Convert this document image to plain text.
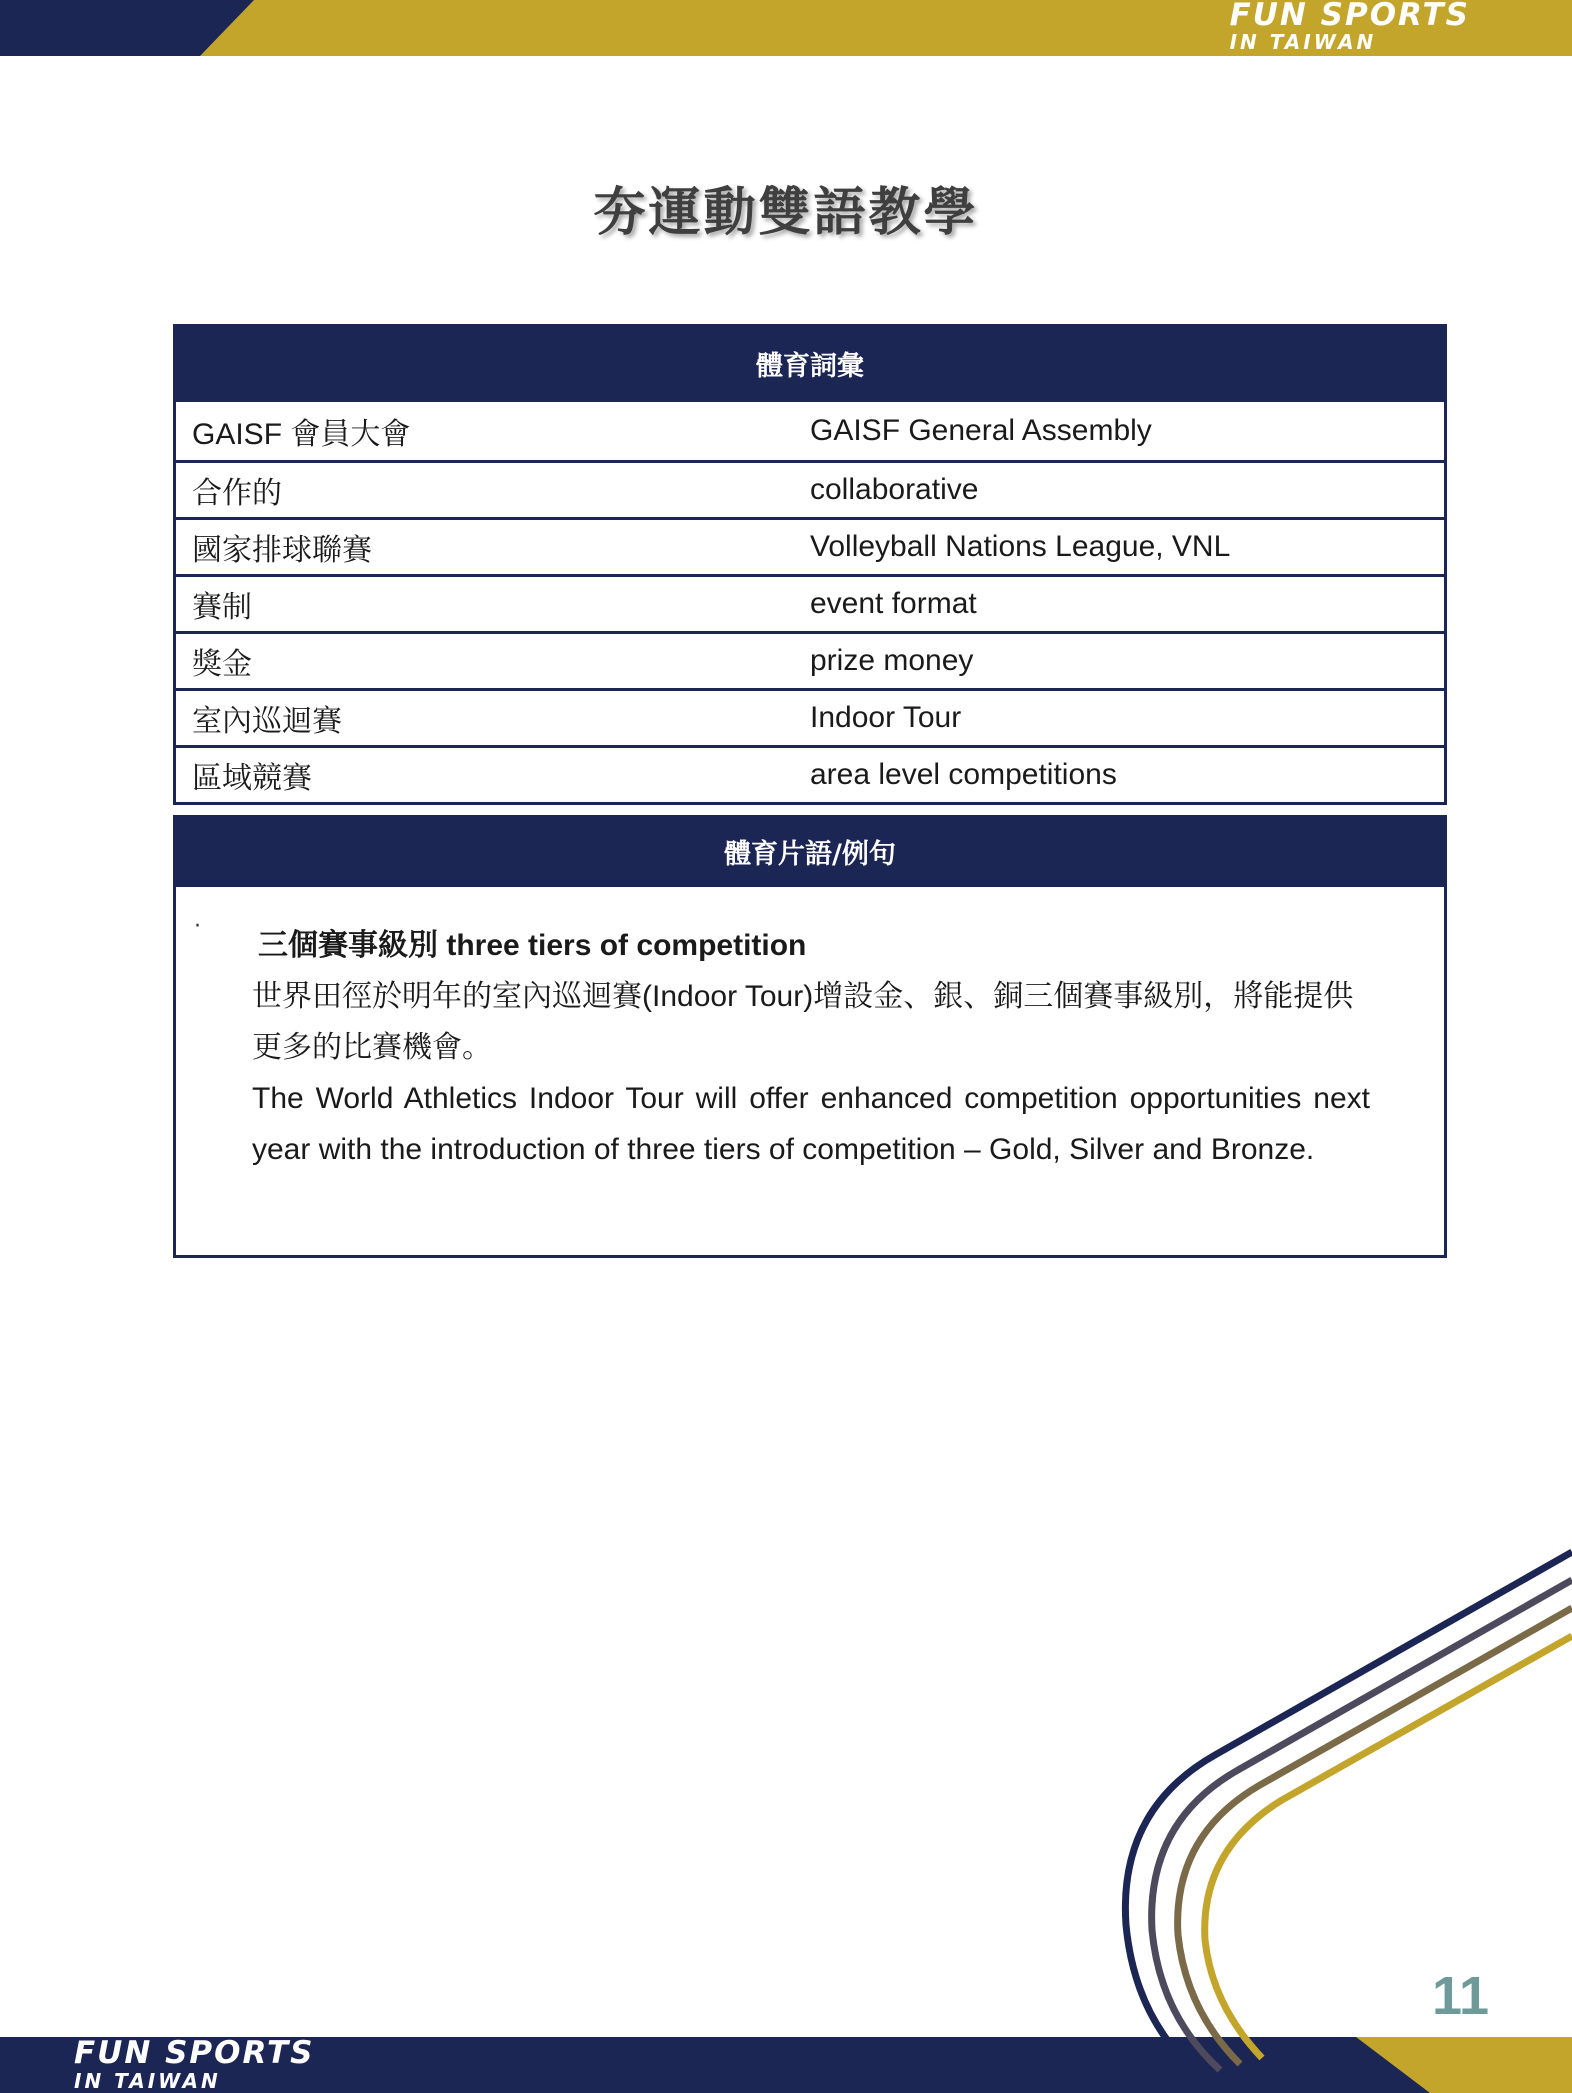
FUN SPORTS
IN TAIWAN
夯運動雙語教學
體育詞彙	
GAISF 會員大會	GAISF General Assembly
合作的	collaborative
國家排球聯賽	Volleyball Nations League, VNL
賽制	event format
獎金	prize money
室內巡迴賽	Indoor Tour
區域競賽	area level competitions
體育片語/例句
·
三個賽事級別 three tiers of competition
世界田徑於明年的室內巡迴賽(Indoor Tour)增設金、銀、銅三個賽事級別，將能提供更多的比賽機會。
The World Athletics Indoor Tour will offer enhanced competition opportunities next year with the introduction of three tiers of competition – Gold, Silver and Bronze.
11
FUN SPORTS
IN TAIWAN
